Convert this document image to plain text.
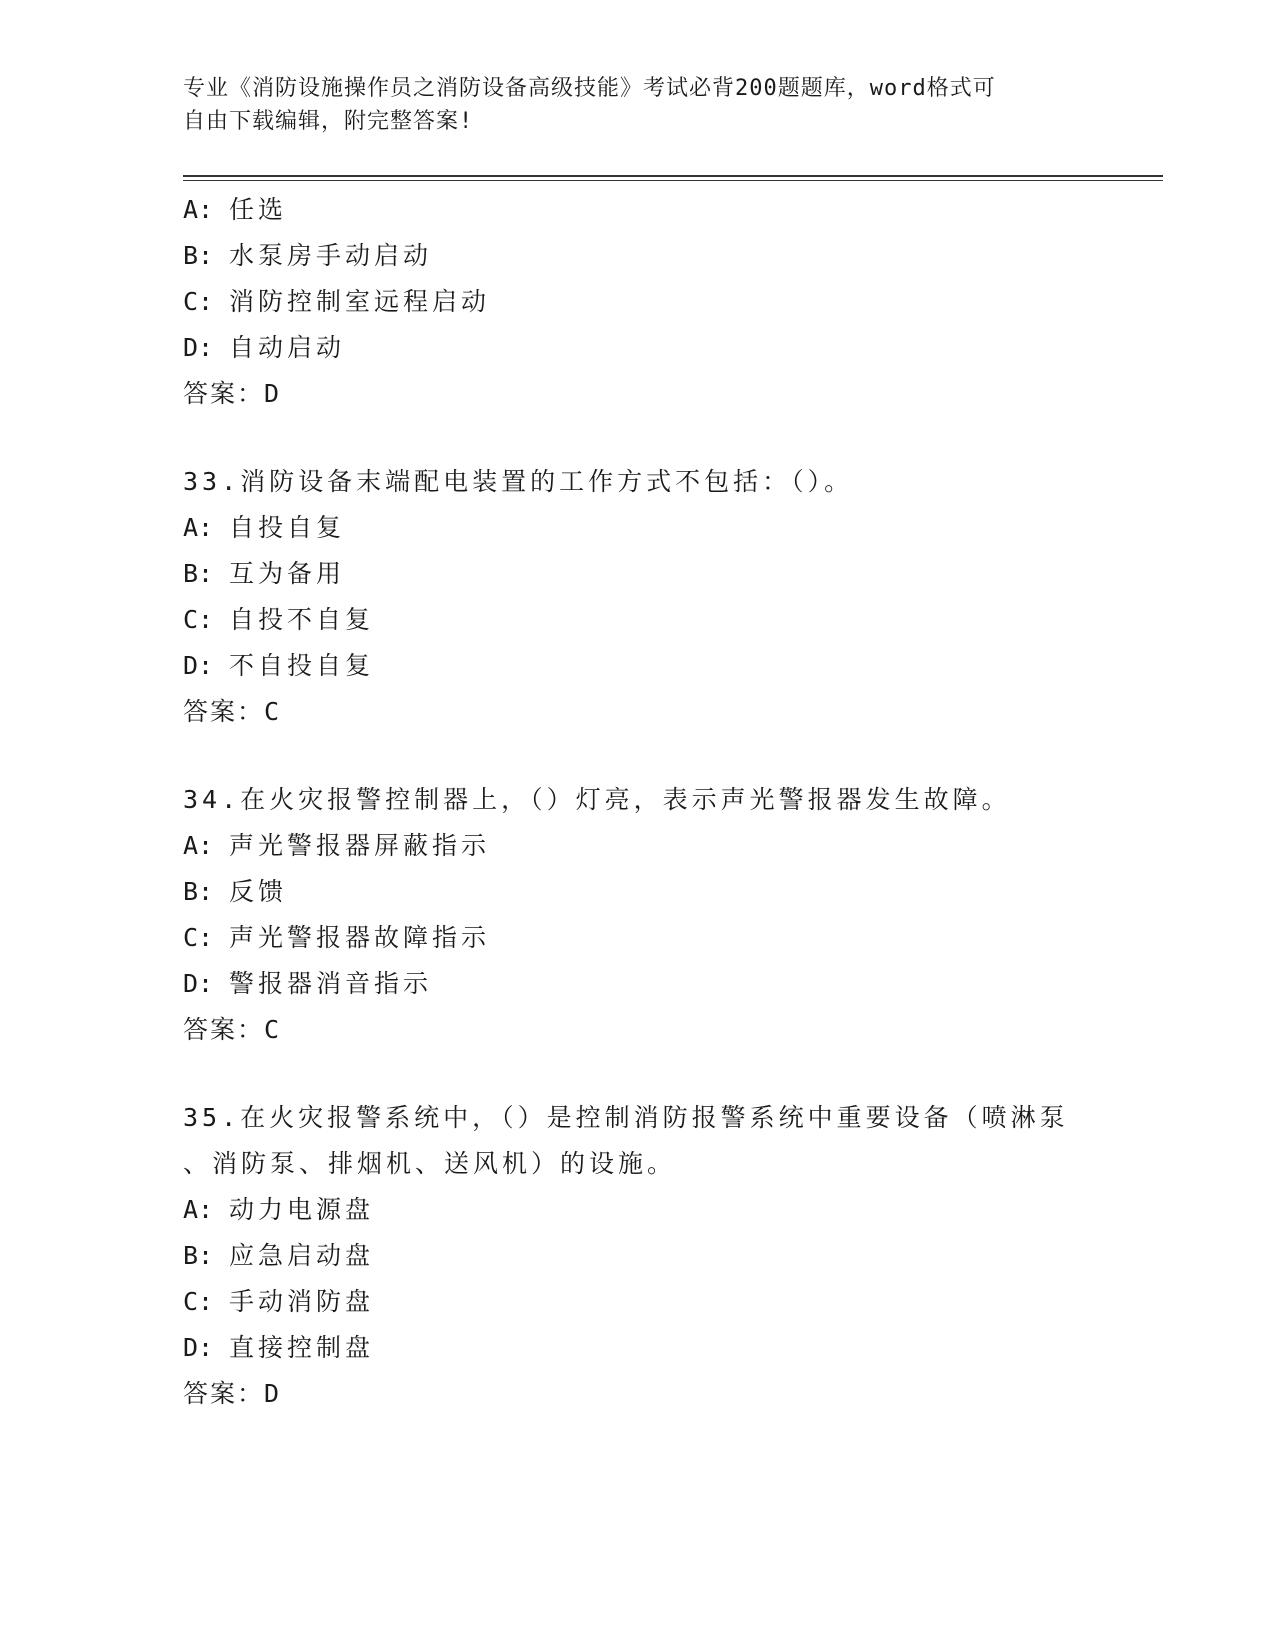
专业《消防设施操作员之消防设备高级技能》考试必背200题题库，word格式可
自由下载编辑，附完整答案!
A: 任选
B: 水泵房手动启动
C: 消防控制室远程启动
D: 自动启动
答案：D
33.消防设备末端配电装置的工作方式不包括：（）。
A: 自投自复
B: 互为备用
C: 自投不自复
D: 不自投自复
答案：C
34.在火灾报警控制器上，（）灯亮，表示声光警报器发生故障。
A: 声光警报器屏蔽指示
B: 反馈
C: 声光警报器故障指示
D: 警报器消音指示
答案：C
35.在火灾报警系统中，（）是控制消防报警系统中重要设备（喷淋泵
、消防泵、排烟机、送风机）的设施。
A: 动力电源盘
B: 应急启动盘
C: 手动消防盘
D: 直接控制盘
答案：D
